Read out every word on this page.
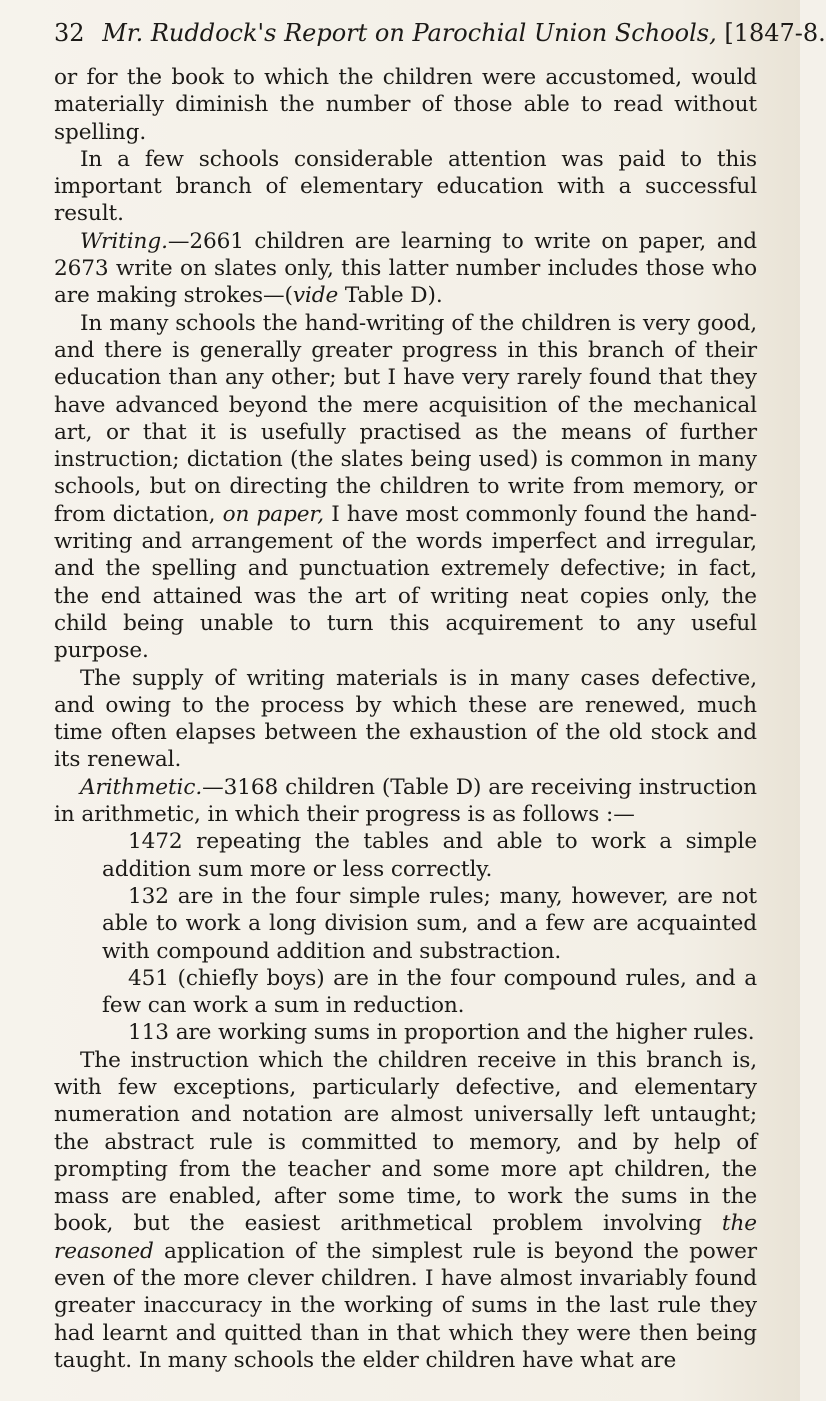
32 Mr. Ruddock's Report on Parochial Union Schools, [1847-8.

or for the book to which the children were accustomed, would materially diminish the number of those able to read without spelling.

In a few schools considerable attention was paid to this important branch of elementary education with a successful result.

Writing.—2661 children are learning to write on paper, and 2673 write on slates only, this latter number includes those who are making strokes—(vide Table D).

In many schools the hand-writing of the children is very good, and there is generally greater progress in this branch of their education than any other; but I have very rarely found that they have advanced beyond the mere acquisition of the mechanical art, or that it is usefully practised as the means of further instruction; dictation (the slates being used) is common in many schools, but on directing the children to write from memory, or from dictation, on paper, I have most commonly found the hand-writing and arrangement of the words imperfect and irregular, and the spelling and punctuation extremely defective; in fact, the end attained was the art of writing neat copies only, the child being unable to turn this acquirement to any useful purpose.

The supply of writing materials is in many cases defective, and owing to the process by which these are renewed, much time often elapses between the exhaustion of the old stock and its renewal.

Arithmetic.—3168 children (Table D) are receiving instruction in arithmetic, in which their progress is as follows :—

1472 repeating the tables and able to work a simple addition sum more or less correctly.

132 are in the four simple rules; many, however, are not able to work a long division sum, and a few are acquainted with compound addition and substraction.

451 (chiefly boys) are in the four compound rules, and a few can work a sum in reduction.

113 are working sums in proportion and the higher rules.

The instruction which the children receive in this branch is, with few exceptions, particularly defective, and elementary numeration and notation are almost universally left untaught; the abstract rule is committed to memory, and by help of prompting from the teacher and some more apt children, the mass are enabled, after some time, to work the sums in the book, but the easiest arithmetical problem involving the reasoned application of the simplest rule is beyond the power even of the more clever children. I have almost invariably found greater inaccuracy in the working of sums in the last rule they had learnt and quitted than in that which they were then being taught. In many schools the elder children have what are
